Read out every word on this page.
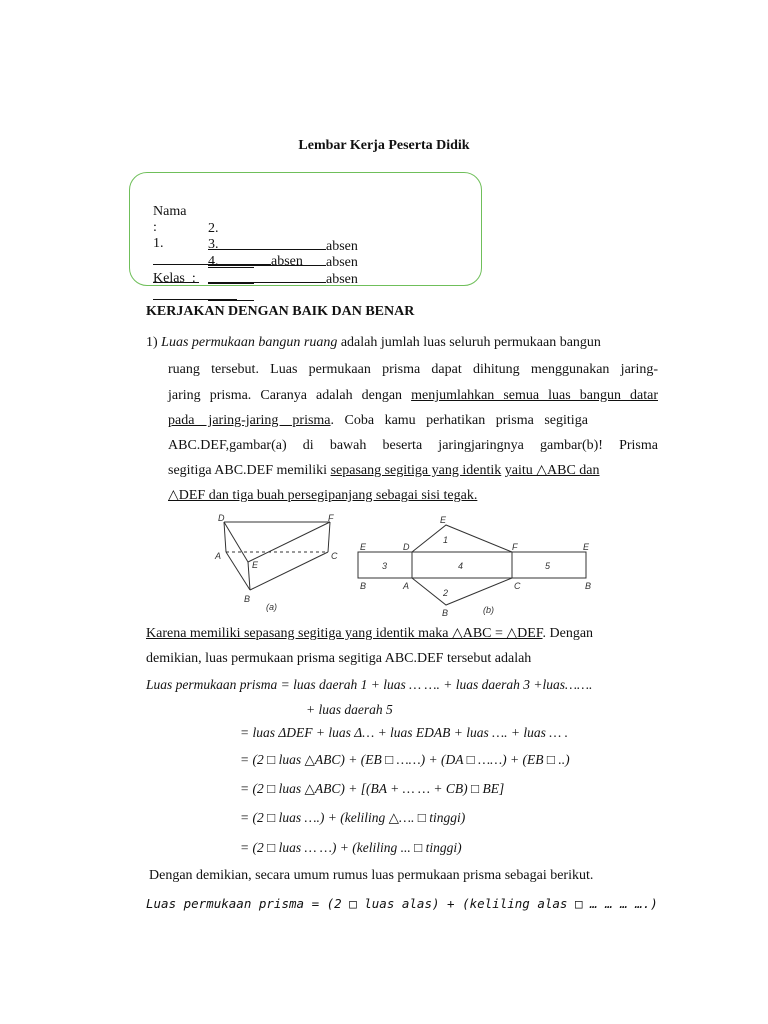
Lembar Kerja Peserta Didik

Nama
:
1.
absen

2.
absen

3.
absen

4.
absen

Kelas :

KERJAKAN DENGAN BAIK DAN BENAR
1) Luas permukaan bangun ruang adalah jumlah luas seluruh permukaan bangun
ruang tersebut. Luas permukaan prisma dapat dihitung menggunakan jaring-
jaring prisma. Caranya adalah dengan menjumlahkan semua luas bangun datar
pada    jaring-jaring    prisma.   Coba   kamu   perhatikan   prisma   segitiga
ABC.DEF,gambar(a) di bawah beserta jaringjaringnya gambar(b)! Prisma
segitiga ABC.DEF memiliki sepasang segitiga yang identik yaitu △ABC dan
△DEF dan tiga buah persegipanjang sebagai sisi tegak.
D	F
A
E
C
B
(a)
E
E	D	F	E
B	A	C	B
B
1
2
3	4	5
(b)
Karena memiliki sepasang segitiga yang identik maka △ABC = △DEF. Dengan
demikian, luas permukaan prisma segitiga ABC.DEF tersebut adalah
Luas permukaan prisma = luas daerah 1 + luas … …. + luas daerah 3 +luas…….
+ luas daerah 5
= luas ΔDEF + luas Δ… + luas EDAB + luas …. + luas … .
= (2 □ luas △ABC) + (EB □ ……) + (DA □ ……) + (EB □ ..)
= (2 □ luas △ABC) + [(BA + … … + CB) □ BE]
= (2 □ luas ….) + (keliling △…. □ tinggi)
= (2 □ luas … …) + (keliling ... □ tinggi)
Dengan demikian, secara umum rumus luas permukaan prisma sebagai berikut.
Luas permukaan prisma = (2 □ luas alas) + (keliling alas □ … … … ….)
